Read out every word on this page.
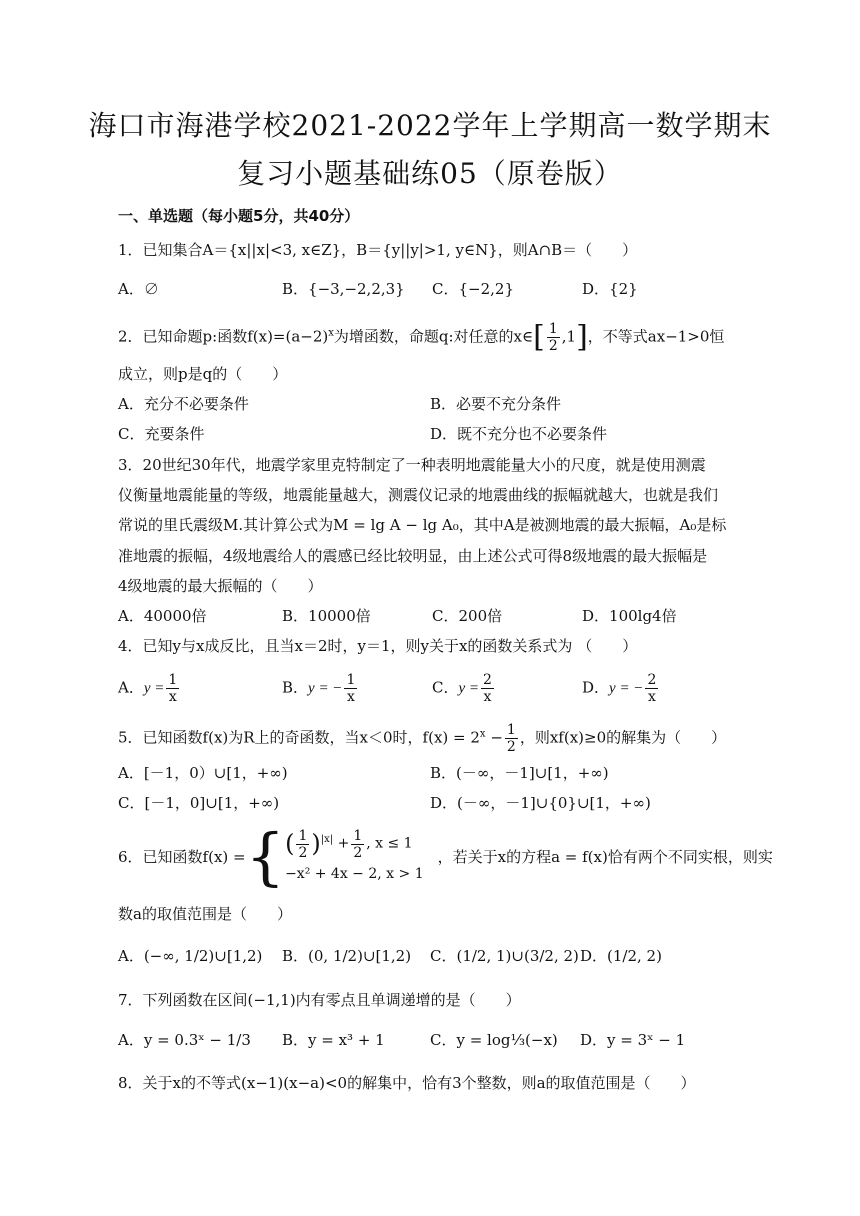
海口市海港学校2021-2022学年上学期高一数学期末
复习小题基础练05（原卷版）
一、单选题（每小题5分，共40分）
1．已知集合A＝{x||x|<3, x∈Z}，B＝{y||y|>1, y∈N}，则A∩B＝（　　）
A．∅	B．{−3,−2,2,3} C．{−2,2}	D．{2}
2．已知命题p:函数$f(x)=(a-2)^x$为增函数，命题q:对任意的x∈[ $\frac{1}{2} ,1$]，不等式ax−1>0恒
成立，则p是q的（　　）
A．充分不必要条件	B．必要不充分条件
C．充要条件	D．既不充分也不必要条件
3．20世纪30年代，地震学家里克特制定了一种表明地震能量大小的尺度，就是使用测震
仪衡量地震能量的等级，地震能量越大，测震仪记录的地震曲线的振幅就越大，也就是我们
常说的里氏震级M.其计算公式为M = lg A − lg A₀，其中A是被测地震的最大振幅，A₀是标
准地震的振幅，4级地震给人的震感已经比较明显，由上述公式可得8级地震的最大振幅是
4级地震的最大振幅的（　　）
A．40000倍	B．10000倍	C．200倍	D．100lg4倍
4．已知y与x成反比，且当x＝2时，y＝1，则y关于x的函数关系式为 （　　）
A．$y = \frac{1}{x}$	B．y = − $\frac{1}{x}$	C．$y = \frac{2}{x}$	D．y = − $\frac{2}{x}$
5．已知函数f(x)为R上的奇函数，当x＜0时，$f(x) = 2^x - \frac{1}{2}$ ，则xf(x)≥0的解集为（　　）
A．[－1，0）∪[1，+∞)	B．(－∞，－1]∪[1，+∞)
C．[－1，0]∪[1，+∞)	D．(－∞，－1]∪{0}∪[1，+∞)
6．已知函数f(x) = { ( $\frac{1}{2} )^{|x|} + \frac{1}{2}$ , x ≤ 1
−x² + 4x − 2, x > 1
，若关于x的方程a = f(x)恰有两个不同实根，则实
数a的取值范围是（　　）
A．(−∞, 1/2)∪[1,2) B．(0, 1/2)∪[1,2) C．(1/2, 1)∪(3/2, 2) D．(1/2, 2)
7．下列函数在区间(−1,1)内有零点且单调递增的是（　　）
A．y = 0.3ˣ − 1/3 B．y = x³ + 1	C．y = log⅓(−x) D．y = 3ˣ − 1
8．关于x的不等式(x−1)(x−a)<0的解集中，恰有3个整数，则a的取值范围是（　　）
